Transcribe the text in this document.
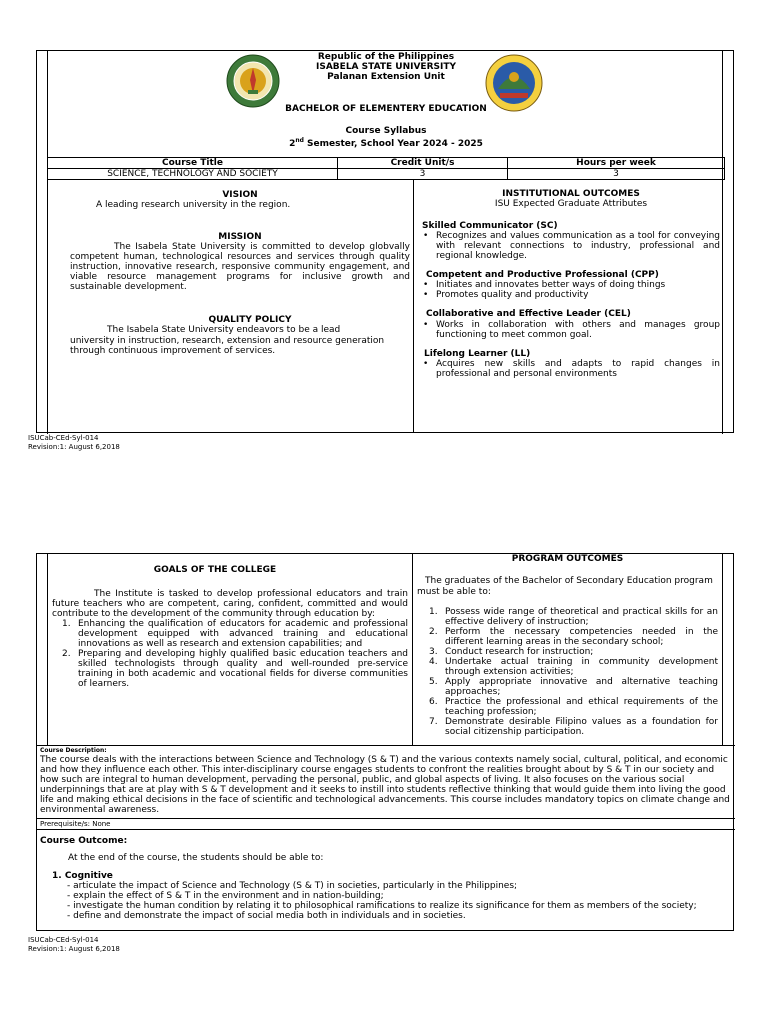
Republic of the Philippines
ISABELA STATE UNIVERSITY
Palanan Extension Unit
BACHELOR OF ELEMENTERY EDUCATION
Course Syllabus
2nd Semester, School Year 2024 - 2025
Course Title	Credit Unit/s	Hours per week
SCIENCE, TECHNOLOGY AND SOCIETY	3	3
VISION
A leading research university in the region.
MISSION
The Isabela State University is committed to develop globvally competent human, technological resources and services through quality instruction, innovative research, responsive community engagement, and viable resource management programs for inclusive growth and sustainable development.
QUALITY POLICY
The Isabela State University endeavors to be a lead university in instruction, research, extension and resource generation through continuous improvement of services.
INSTITUTIONAL OUTCOMES
ISU Expected Graduate Attributes
Skilled Communicator (SC)
• Recognizes and values communication as a tool for conveying with relevant connections to industry, professional and regional knowledge.
Competent and Productive Professional (CPP)
• Initiates and innovates better ways of doing things
• Promotes quality and productivity
Collaborative and Effective Leader (CEL)
• Works in collaboration with others and manages group functioning to meet common goal.
Lifelong Learner (LL)
• Acquires new skills and adapts to rapid changes in professional and personal environments
ISUCab-CEd-Syl-014
Revision:1: August 6,2018
GOALS OF THE COLLEGE
The Institute is tasked to develop professional educators and train future teachers who are competent, caring, confident, committed and would contribute to the development of the community through education by:
1. Enhancing the qualification of educators for academic and professional development equipped with advanced training and educational innovations as well as research and extension capabilities; and
2. Preparing and developing highly qualified basic education teachers and skilled technologists through quality and well-rounded pre-service training in both academic and vocational fields for diverse communities of learners.
PROGRAM OUTCOMES
The graduates of the Bachelor of Secondary Education program must be able to:
1. Possess wide range of theoretical and practical skills for an effective delivery of instruction;
2. Perform the necessary competencies needed in the different learning areas in the secondary school;
3. Conduct research for instruction;
4. Undertake actual training in community development through extension activities;
5. Apply appropriate innovative and alternative teaching approaches;
6. Practice the professional and ethical requirements of the teaching profession;
7. Demonstrate desirable Filipino values as a foundation for social citizenship participation.
Course Description:
The course deals with the interactions between Science and Technology (S & T) and the various contexts namely social, cultural, political, and economic and how they influence each other. This inter-disciplinary course engages students to confront the realities brought about by S & T in our society and how such are integral to human development, pervading the personal, public, and global aspects of living. It also focuses on the various social underpinnings that are at play with S & T development and it seeks to instill into students reflective thinking that would guide them into living the good life and making ethical decisions in the face of scientific and technological advancements. This course includes mandatory topics on climate change and environmental awareness.
Prerequisite/s: None
Course Outcome:
At the end of the course, the students should be able to:
1. Cognitive
- articulate the impact of Science and Technology (S & T) in societies, particularly in the Philippines;
- explain the effect of S & T in the environment and in nation-building;
- investigate the human condition by relating it to philosophical ramifications to realize its significance for them as members of the society;
- define and demonstrate the impact of social media both in individuals and in societies.
ISUCab-CEd-Syl-014
Revision:1: August 6,2018
